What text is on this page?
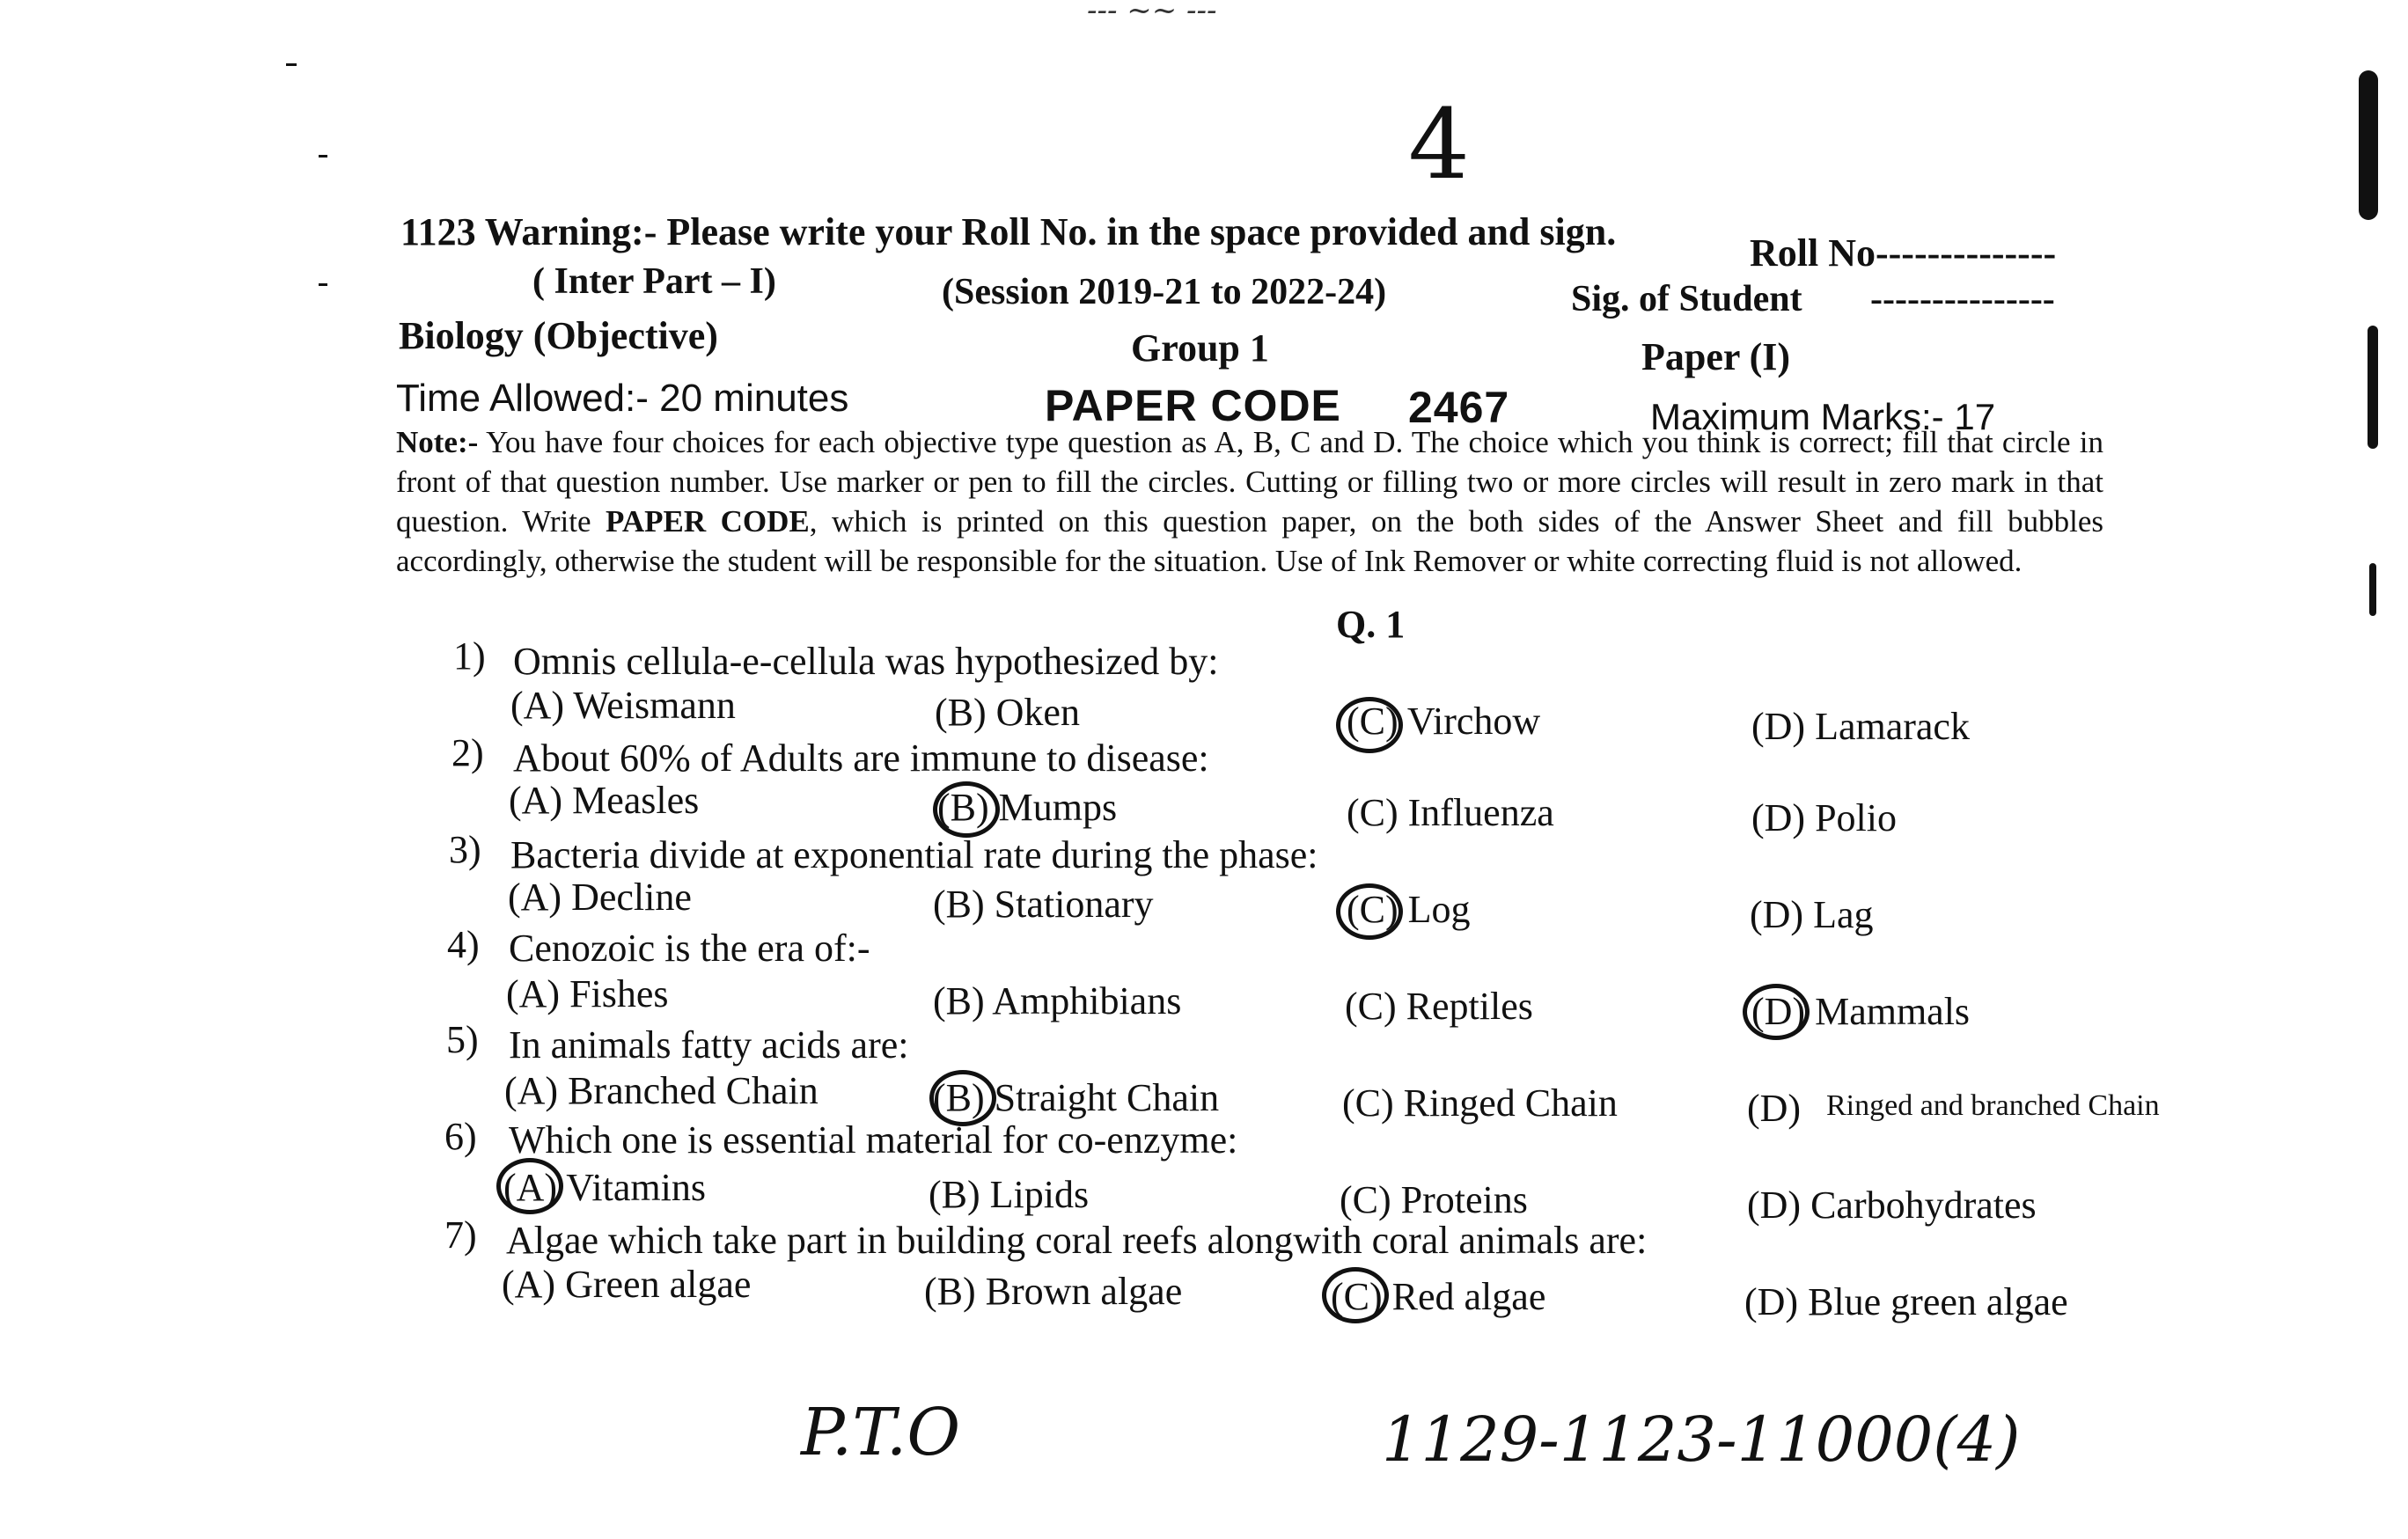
--- ~~ ---
4
1123 Warning:- Please write your Roll No. in the space provided and sign.	Roll No--------------
( Inter Part – I)	(Session 2019-21 to 2022-24)	Sig. of Student ---------------
Biology (Objective)	Group 1	Paper (I)
Time Allowed:- 20 minutes	PAPER CODE 2467	Maximum Marks:- 17
Note:- You have four choices for each objective type question as A, B, C and D. The choice which you think is correct; fill that circle in front of that question number. Use marker or pen to fill the circles. Cutting or filling two or more circles will result in zero mark in that question. Write PAPER CODE, which is printed on this question paper, on the both sides of the Answer Sheet and fill bubbles accordingly, otherwise the student will be responsible for the situation. Use of Ink Remover or white correcting fluid is not allowed.
Q. 1
1) Omnis cellula-e-cellula was hypothesized by:
(A) Weismann	(B) Oken	(C) Virchow	(D) Lamarack
2) About 60% of Adults are immune to disease:
(A) Measles	(B) Mumps	(C) Influenza	(D) Polio
3) Bacteria divide at exponential rate during the phase:
(A) Decline	(B) Stationary	(C) Log	(D) Lag
4) Cenozoic is the era of:-
(A) Fishes	(B) Amphibians	(C) Reptiles	(D) Mammals
5) In animals fatty acids are:
(A) Branched Chain	(B) Straight Chain	(C) Ringed Chain	(D) Ringed and branched Chain
6) Which one is essential material for co-enzyme:
(A) Vitamins	(B) Lipids	(C) Proteins	(D) Carbohydrates
7) Algae which take part in building coral reefs alongwith coral animals are:
(A) Green algae	(B) Brown algae	(C) Red algae	(D) Blue green algae
P.T.O	1129-1123-11000(4)
